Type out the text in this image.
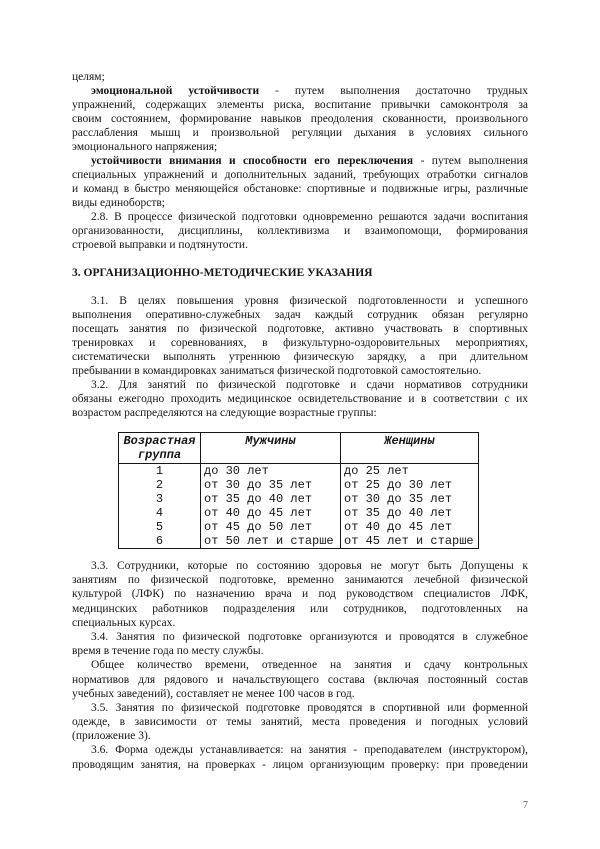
целям;
эмоциональной устойчивости - путем выполнения достаточно трудных
упражнений, содержащих элементы риска, воспитание привычки самоконтроля за
своим состоянием, формирование навыков преодоления скованности, произвольного
расслабления мышц и произвольной регуляции дыхания в условиях сильного
эмоционального напряжения;
устойчивости внимания и способности его переключения - путем выполнения
специальных упражнений и дополнительных заданий, требующих отработки сигналов
и команд в быстро меняющейся обстановке: спортивные и подвижные игры, различные
виды единоборств;
2.8. В процессе физической подготовки одновременно решаются задачи воспитания
организованности, дисциплины, коллективизма и взаимопомощи, формирования
строевой выправки и подтянутости.
3. ОРГАНИЗАЦИОННО-МЕТОДИЧЕСКИЕ УКАЗАНИЯ
3.1. В целях повышения уровня физической подготовленности и успешного
выполнения оперативно-служебных задач каждый сотрудник обязан регулярно
посещать занятия по физической подготовке, активно участвовать в спортивных
тренировках и соревнованиях, в физкультурно-оздоровительных мероприятиях,
систематически выполнять утреннюю физическую зарядку, а при длительном
пребывании в командировках заниматься физической подготовкой самостоятельно.
3.2. Для занятий по физической подготовке и сдачи нормативов сотрудники
обязаны ежегодно проходить медицинское освидетельствование и в соответствии с их
возрастом распределяются на следующие возрастные группы:
Возрастная группа	Мужчины	Женщины
1	до 30 лет	до 25 лет
2	от 30 до 35 лет	от 25 до 30 лет
3	от 35 до 40 лет	от 30 до 35 лет
4	от 40 до 45 лет	от 35 до 40 лет
5	от 45 до 50 лет	от 40 до 45 лет
6	от 50 лет и старше	от 45 лет и старше
3.3. Сотрудники, которые по состоянию здоровья не могут быть Допущены к
занятиям по физической подготовке, временно занимаются лечебной физической
культурой (ЛФК) по назначению врача и под руководством специалистов ЛФК,
медицинских работников подразделения или сотрудников, подготовленных на
специальных курсах.
3.4. Занятия по физической подготовке организуются и проводятся в служебное
время в течение года по месту службы.
Общее количество времени, отведенное на занятия и сдачу контрольных
нормативов для рядового и начальствующего состава (включая постоянный состав
учебных заведений), составляет не менее 100 часов в год.
3.5. Занятия по физической подготовке проводятся в спортивной или форменной
одежде, в зависимости от темы занятий, места проведения и погодных условий
(приложение 3).
3.6. Форма одежды устанавливается: на занятия - преподавателем (инструктором),
проводящим занятия, на проверках - лицом организующим проверку: при проведении
7
